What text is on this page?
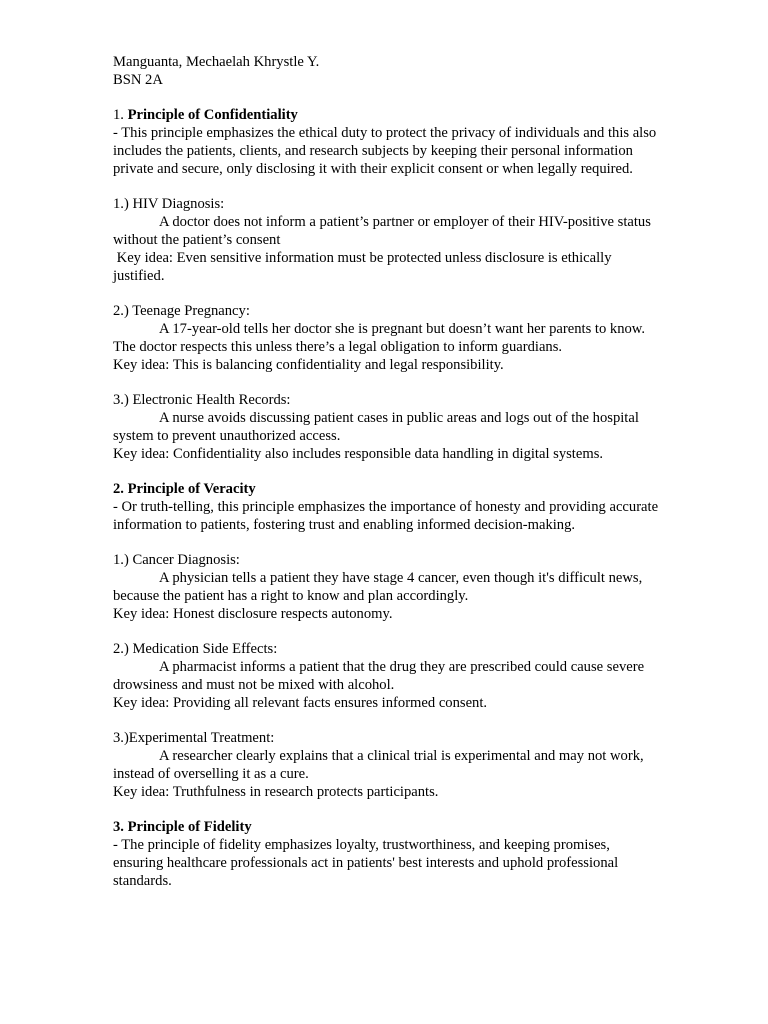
Manguanta, Mechaelah Khrystle Y.
BSN 2A
1. Principle of Confidentiality
- This principle emphasizes the ethical duty to protect the privacy of individuals and this also includes the patients, clients, and research subjects by keeping their personal information private and secure, only disclosing it with their explicit consent or when legally required.
1.) HIV Diagnosis:
A doctor does not inform a patient’s partner or employer of their HIV-positive status without the patient’s consent
Key idea: Even sensitive information must be protected unless disclosure is ethically justified.
2.) Teenage Pregnancy:
A 17-year-old tells her doctor she is pregnant but doesn’t want her parents to know. The doctor respects this unless there’s a legal obligation to inform guardians.
Key idea: This is balancing confidentiality and legal responsibility.
3.) Electronic Health Records:
A nurse avoids discussing patient cases in public areas and logs out of the hospital system to prevent unauthorized access.
Key idea: Confidentiality also includes responsible data handling in digital systems.
2. Principle of Veracity
- Or truth-telling, this principle emphasizes the importance of honesty and providing accurate information to patients, fostering trust and enabling informed decision-making.
1.) Cancer Diagnosis:
A physician tells a patient they have stage 4 cancer, even though it's difficult news, because the patient has a right to know and plan accordingly.
Key idea: Honest disclosure respects autonomy.
2.) Medication Side Effects:
A pharmacist informs a patient that the drug they are prescribed could cause severe drowsiness and must not be mixed with alcohol.
Key idea: Providing all relevant facts ensures informed consent.
3.)Experimental Treatment:
A researcher clearly explains that a clinical trial is experimental and may not work, instead of overselling it as a cure.
Key idea: Truthfulness in research protects participants.
3. Principle of Fidelity
- The principle of fidelity emphasizes loyalty, trustworthiness, and keeping promises, ensuring healthcare professionals act in patients' best interests and uphold professional standards.
